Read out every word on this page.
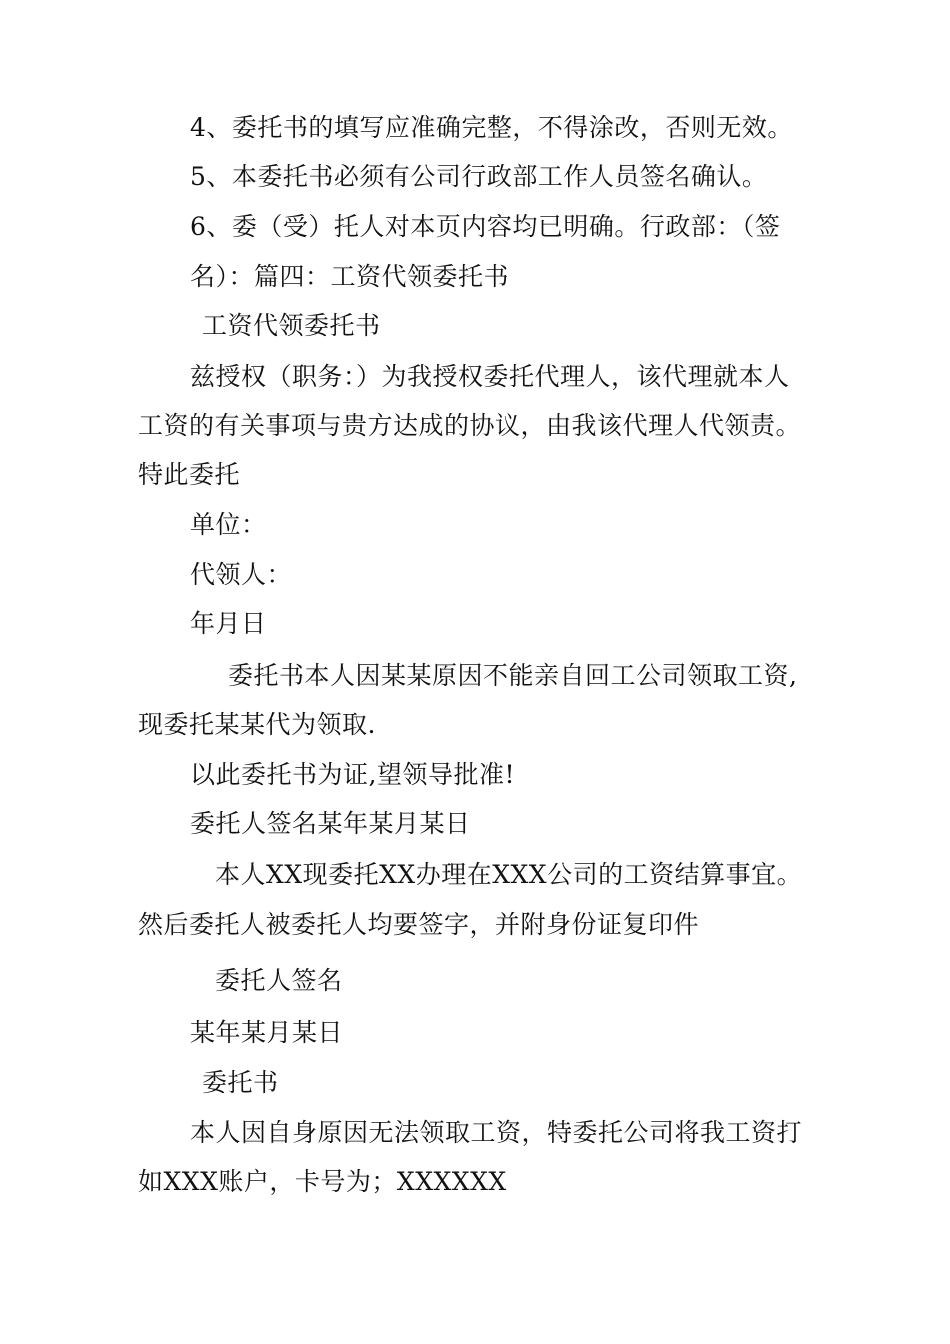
4、委托书的填写应准确完整，不得涂改，否则无效。
5、本委托书必须有公司行政部工作人员签名确认。
6、委（受）托人对本页内容均已明确。行政部：（签
名）：篇四：工资代领委托书
工资代领委托书
兹授权（职务：）为我授权委托代理人，该代理就本人
工资的有关事项与贵方达成的协议，由我该代理人代领责。
特此委托
单位：
代领人：
年月日
委托书本人因某某原因不能亲自回工公司领取工资,
现委托某某代为领取.
以此委托书为证,望领导批准!
委托人签名某年某月某日
本人XX现委托XX办理在XXX公司的工资结算事宜。
然后委托人被委托人均要签字，并附身份证复印件
委托人签名
某年某月某日
委托书
本人因自身原因无法领取工资，特委托公司将我工资打
如XXX账户，卡号为；XXXXXX
